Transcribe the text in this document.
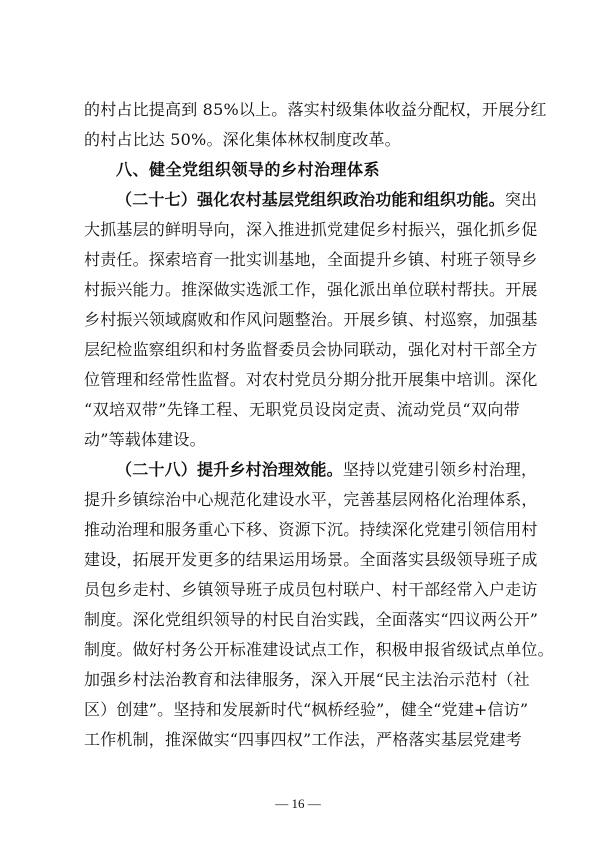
的村占比提高到 85%以上。落实村级集体收益分配权，开展分红
的村占比达 50%。深化集体林权制度改革。
八、健全党组织领导的乡村治理体系
（二十七）强化农村基层党组织政治功能和组织功能。突出
大抓基层的鲜明导向，深入推进抓党建促乡村振兴，强化抓乡促
村责任。探索培育一批实训基地，全面提升乡镇、村班子领导乡
村振兴能力。推深做实选派工作，强化派出单位联村帮扶。开展
乡村振兴领域腐败和作风问题整治。开展乡镇、村巡察，加强基
层纪检监察组织和村务监督委员会协同联动，强化对村干部全方
位管理和经常性监督。对农村党员分期分批开展集中培训。深化
“双培双带”先锋工程、无职党员设岗定责、流动党员“双向带
动”等载体建设。
（二十八）提升乡村治理效能。坚持以党建引领乡村治理，
提升乡镇综治中心规范化建设水平，完善基层网格化治理体系，
推动治理和服务重心下移、资源下沉。持续深化党建引领信用村
建设，拓展开发更多的结果运用场景。全面落实县级领导班子成
员包乡走村、乡镇领导班子成员包村联户、村干部经常入户走访
制度。深化党组织领导的村民自治实践，全面落实“四议两公开”
制度。做好村务公开标准建设试点工作，积极申报省级试点单位。
加强乡村法治教育和法律服务，深入开展“民主法治示范村（社
区）创建”。坚持和发展新时代“枫桥经验”，健全“党建+信访”
工作机制，推深做实“四事四权”工作法，严格落实基层党建考
— 16 —
